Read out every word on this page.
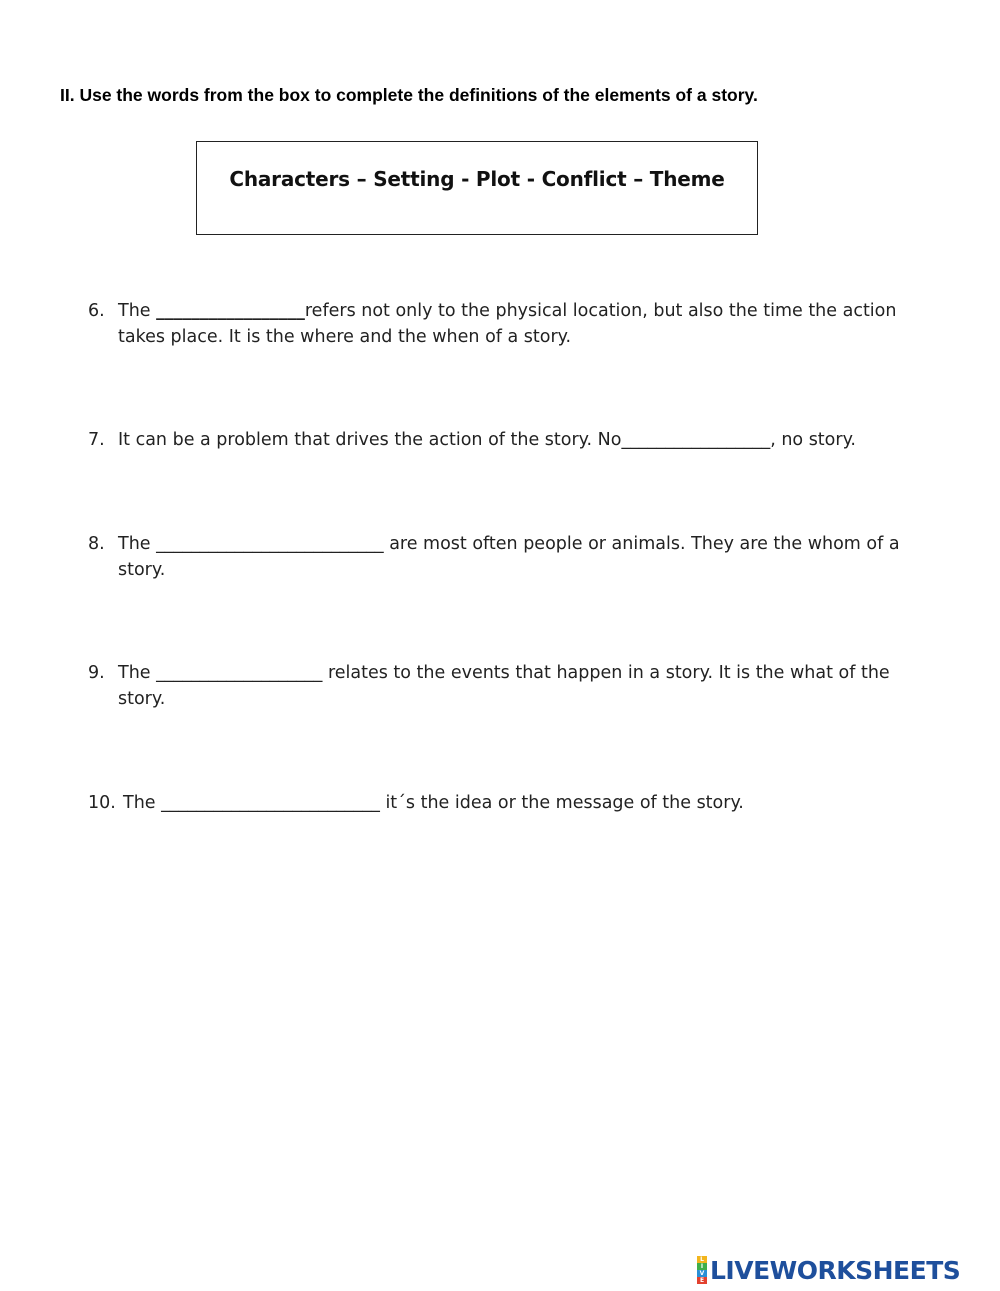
II. Use the words from the box to complete the definitions of the elements of a story.
Characters – Setting - Plot - Conflict – Theme
6. The _________________refers not only to the physical location, but also the time the action takes place. It is the where and the when of a story.
7. It can be a problem that drives the action of the story. No_________________, no story.
8. The __________________________ are most often people or animals. They are the whom of a story.
9. The ___________________ relates to the events that happen in a story. It is the what of the story.
10. The _________________________ it´s the idea or the message of the story.
L
I
V
E LIVEWORKSHEETS
